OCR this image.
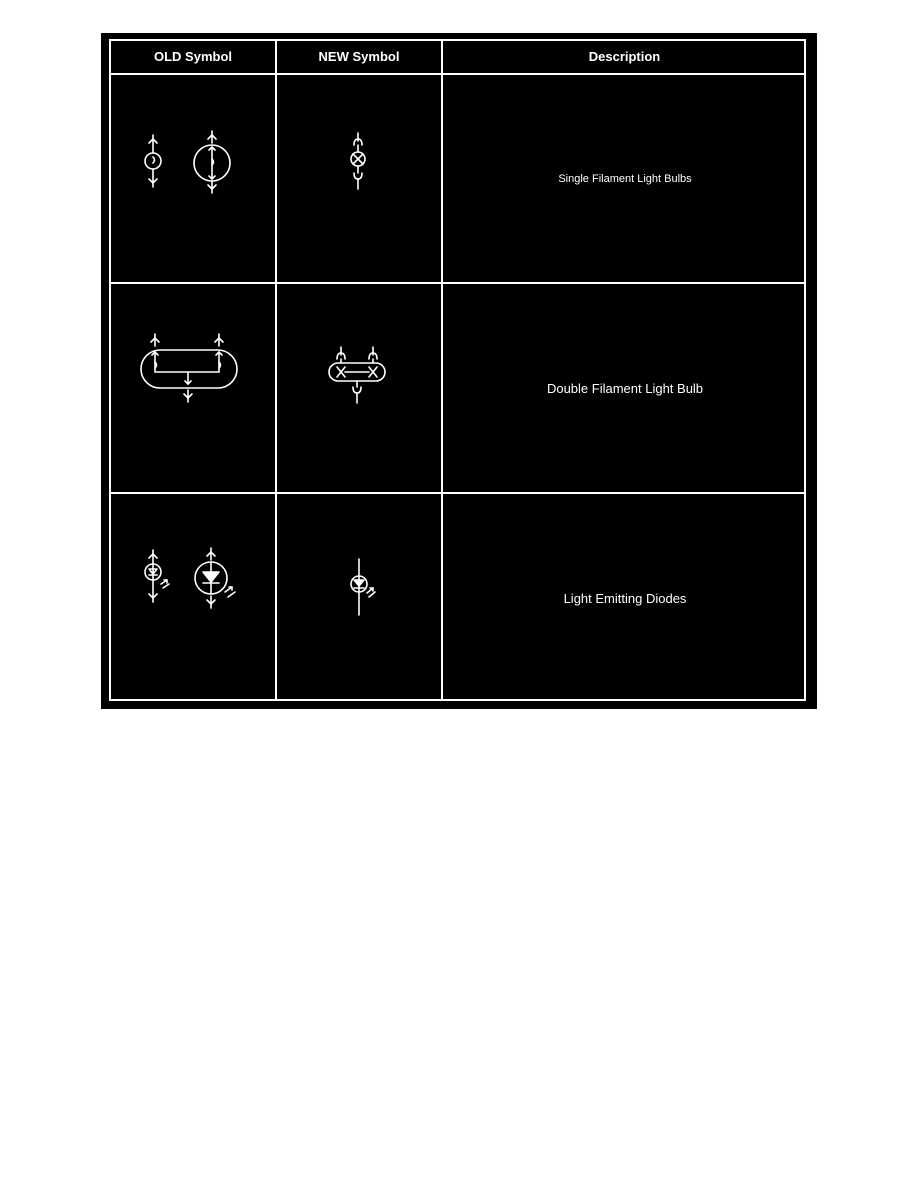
OLD Symbol	NEW Symbol	Description
Single Filament Light Bulbs
Double Filament Light Bulb
Light Emitting Diodes
